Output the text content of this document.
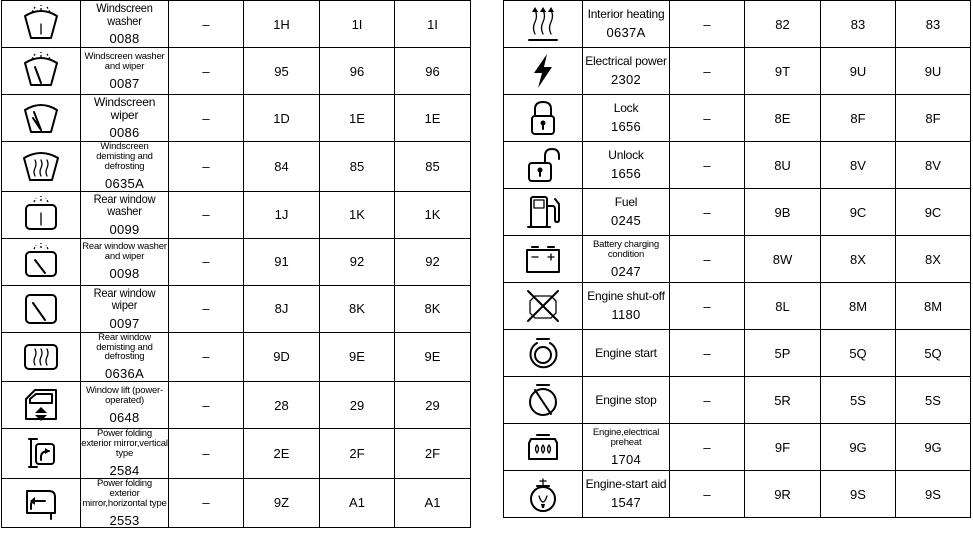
Windscreen washer
0088	–	1H	1I	1I

Windscreen washer and wiper
0087	–	95	96	96

Windscreen wiper
0086	–	1D	1E	1E

Windscreen demisting and defrosting
0635A	–	84	85	85

Rear window washer
0099	–	1J	1K	1K

Rear window washer and wiper
0098	–	91	92	92

Rear window wiper
0097	–	8J	8K	8K

Rear window demisting and defrosting
0636A	–	9D	9E	9E

Window lift (power-operated)
0648	–	28	29	29

Power folding exterior mirror,vertical type
2584	–	2E	2F	2F

Power folding exterior mirror,horizontal type
2553	–	9Z	A1	A1

Interior heating
0637A	–	82	83	83

Electrical power
2302	–	9T	9U	9U

Lock
1656	–	8E	8F	8F

Unlock
1656	–	8U	8V	8V

Fuel
0245	–	9B	9C	9C

Battery charging condition
0247	–	8W	8X	8X

Engine shut-off
1180	–	8L	8M	8M

Engine start	–	5P	5Q	5Q

Engine stop	–	5R	5S	5S

Engine,electrical preheat
1704	–	9F	9G	9G

Engine-start aid
1547	–	9R	9S	9S
